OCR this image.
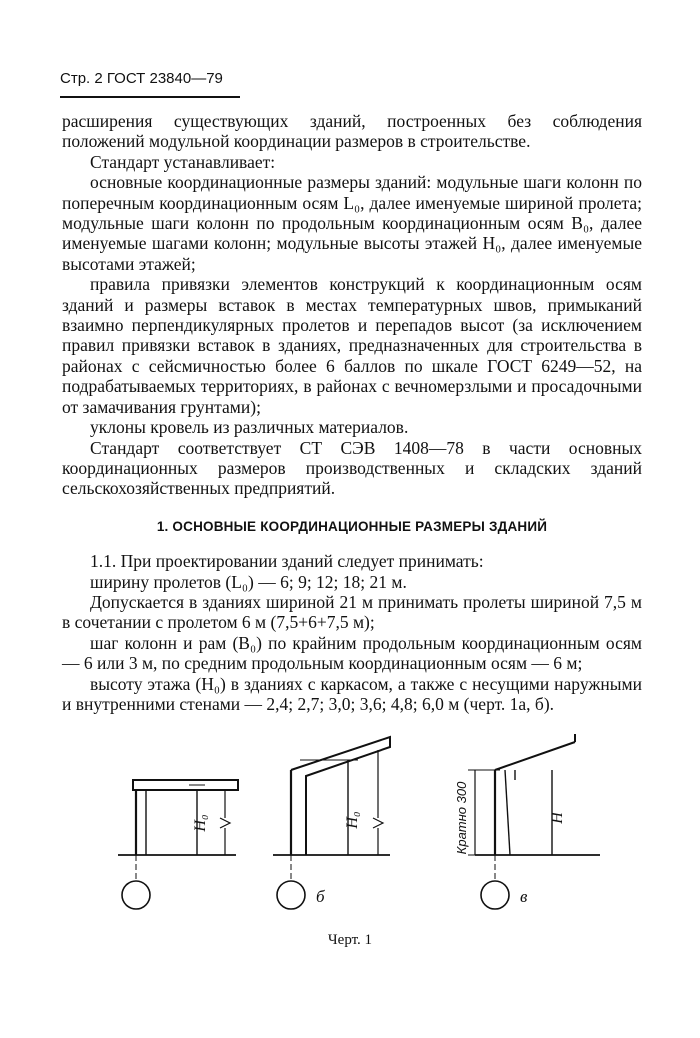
Стр. 2 ГОСТ 23840—79

расширения существующих зданий, построенных без соблюдения положений модульной координации размеров в строительстве.

Стандарт устанавливает:

основные координационные размеры зданий: модульные шаги колонн по поперечным координационным осям L₀, далее именуемые шириной пролета; модульные шаги колонн по продольным координационным осям B₀, далее именуемые шагами колонн; модульные высоты этажей H₀, далее именуемые высотами этажей;

правила привязки элементов конструкций к координационным осям зданий и размеры вставок в местах температурных швов, примыканий взаимно перпендикулярных пролетов и перепадов высот (за исключением правил привязки вставок в зданиях, предназначенных для строительства в районах с сейсмичностью более 6 баллов по шкале ГОСТ 6249—52, на подрабатываемых территориях, в районах с вечномерзлыми и просадочными от замачивания грунтами);

уклоны кровель из различных материалов.

Стандарт соответствует СТ СЭВ 1408—78 в части основных координационных размеров производственных и складских зданий сельскохозяйственных предприятий.

1. ОСНОВНЫЕ КООРДИНАЦИОННЫЕ РАЗМЕРЫ ЗДАНИЙ

1.1. При проектировании зданий следует принимать:

ширину пролетов (L₀) — 6; 9; 12; 18; 21 м.

Допускается в зданиях шириной 21 м принимать пролеты шириной 7,5 м в сочетании с пролетом 6 м (7,5+6+7,5 м);

шаг колонн и рам (B₀) по крайним продольным координационным осям — 6 или 3 м, по средним продольным координационным осям — 6 м;

высоту этажа (H₀) в зданиях с каркасом, а также с несущими наружными и внутренними стенами — 2,4; 2,7; 3,0; 3,6; 4,8; 6,0 м (черт. 1а, б).

H₀	H₀
б
Кратно 300	H
в
Черт. 1
